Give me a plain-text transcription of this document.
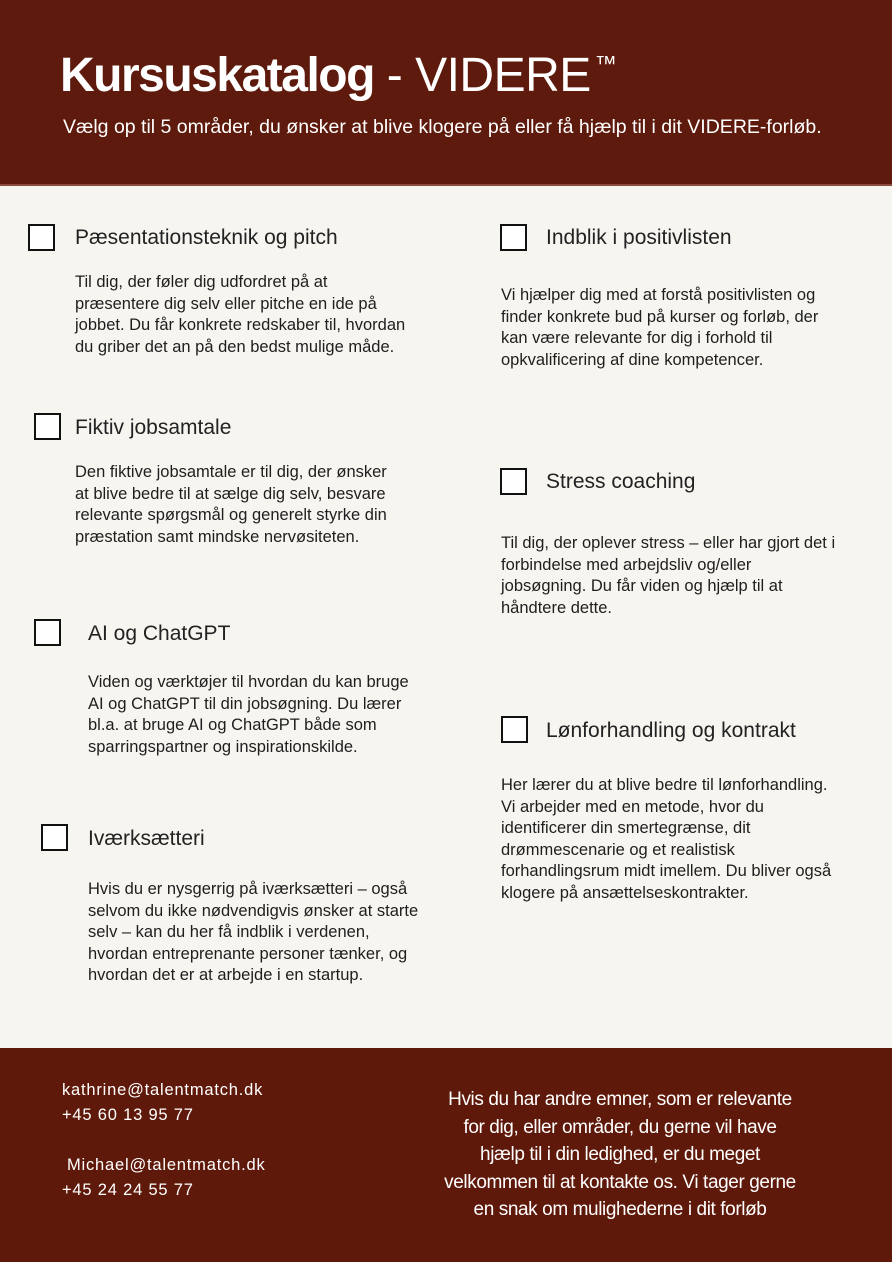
Kursuskatalog - VIDERE ™
Vælg op til 5 områder, du ønsker at blive klogere på eller få hjælp til i dit VIDERE-forløb.
Pæsentationsteknik og pitch
Til dig, der føler dig udfordret på at
præsentere dig selv eller pitche en ide på
jobbet. Du får konkrete redskaber til, hvordan
du griber det an på den bedst mulige måde.
Fiktiv jobsamtale
Den fiktive jobsamtale er til dig, der ønsker
at blive bedre til at sælge dig selv, besvare
relevante spørgsmål og generelt styrke din
præstation samt mindske nervøsiteten.
AI og ChatGPT
Viden og værktøjer til hvordan du kan bruge
AI og ChatGPT til din jobsøgning. Du lærer
bl.a. at bruge AI og ChatGPT både som
sparringspartner og inspirationskilde.
Iværksætteri
Hvis du er nysgerrig på iværksætteri – også
selvom du ikke nødvendigvis ønsker at starte
selv – kan du her få indblik i verdenen,
hvordan entreprenante personer tænker, og
hvordan det er at arbejde i en startup.
Indblik i positivlisten
Vi hjælper dig med at forstå positivlisten og
finder konkrete bud på kurser og forløb, der
kan være relevante for dig i forhold til
opkvalificering af dine kompetencer.
Stress coaching
Til dig, der oplever stress – eller har gjort det i
forbindelse med arbejdsliv og/eller
jobsøgning. Du får viden og hjælp til at
håndtere dette.
Lønforhandling og kontrakt
Her lærer du at blive bedre til lønforhandling.
Vi arbejder med en metode, hvor du
identificerer din smertegrænse, dit
drømmescenarie og et realistisk
forhandlingsrum midt imellem. Du bliver også
klogere på ansættelseskontrakter.
kathrine@talentmatch.dk
+45 60 13 95 77
Michael@talentmatch.dk
+45 24 24 55 77
Hvis du har andre emner, som er relevante
for dig, eller områder, du gerne vil have
hjælp til i din ledighed, er du meget
velkommen til at kontakte os. Vi tager gerne
en snak om mulighederne i dit forløb
